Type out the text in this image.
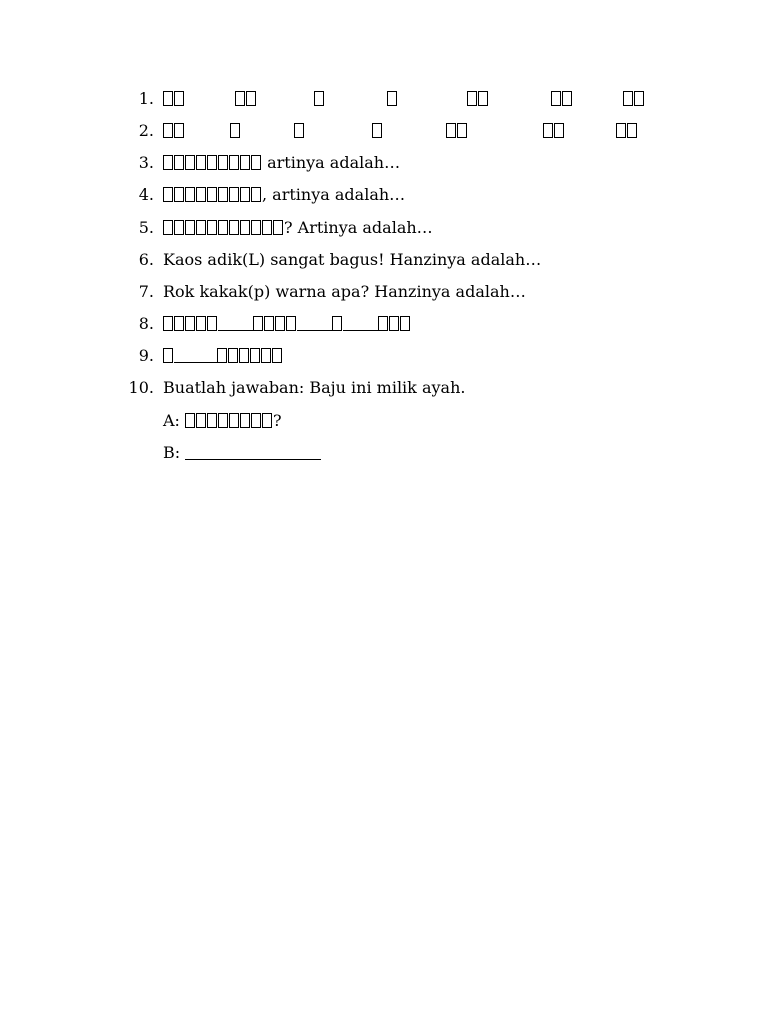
1.
2.
3.	artinya adalah…
4.	, artinya adalah…
5.	? Artinya adalah…
6. Kaos adik(L) sangat bagus! Hanzinya adalah…
7. Rok kakak(p) warna apa? Hanzinya adalah…
8.
9.
10. Buatlah jawaban: Baju ini milik ayah.
A:	?
B:
